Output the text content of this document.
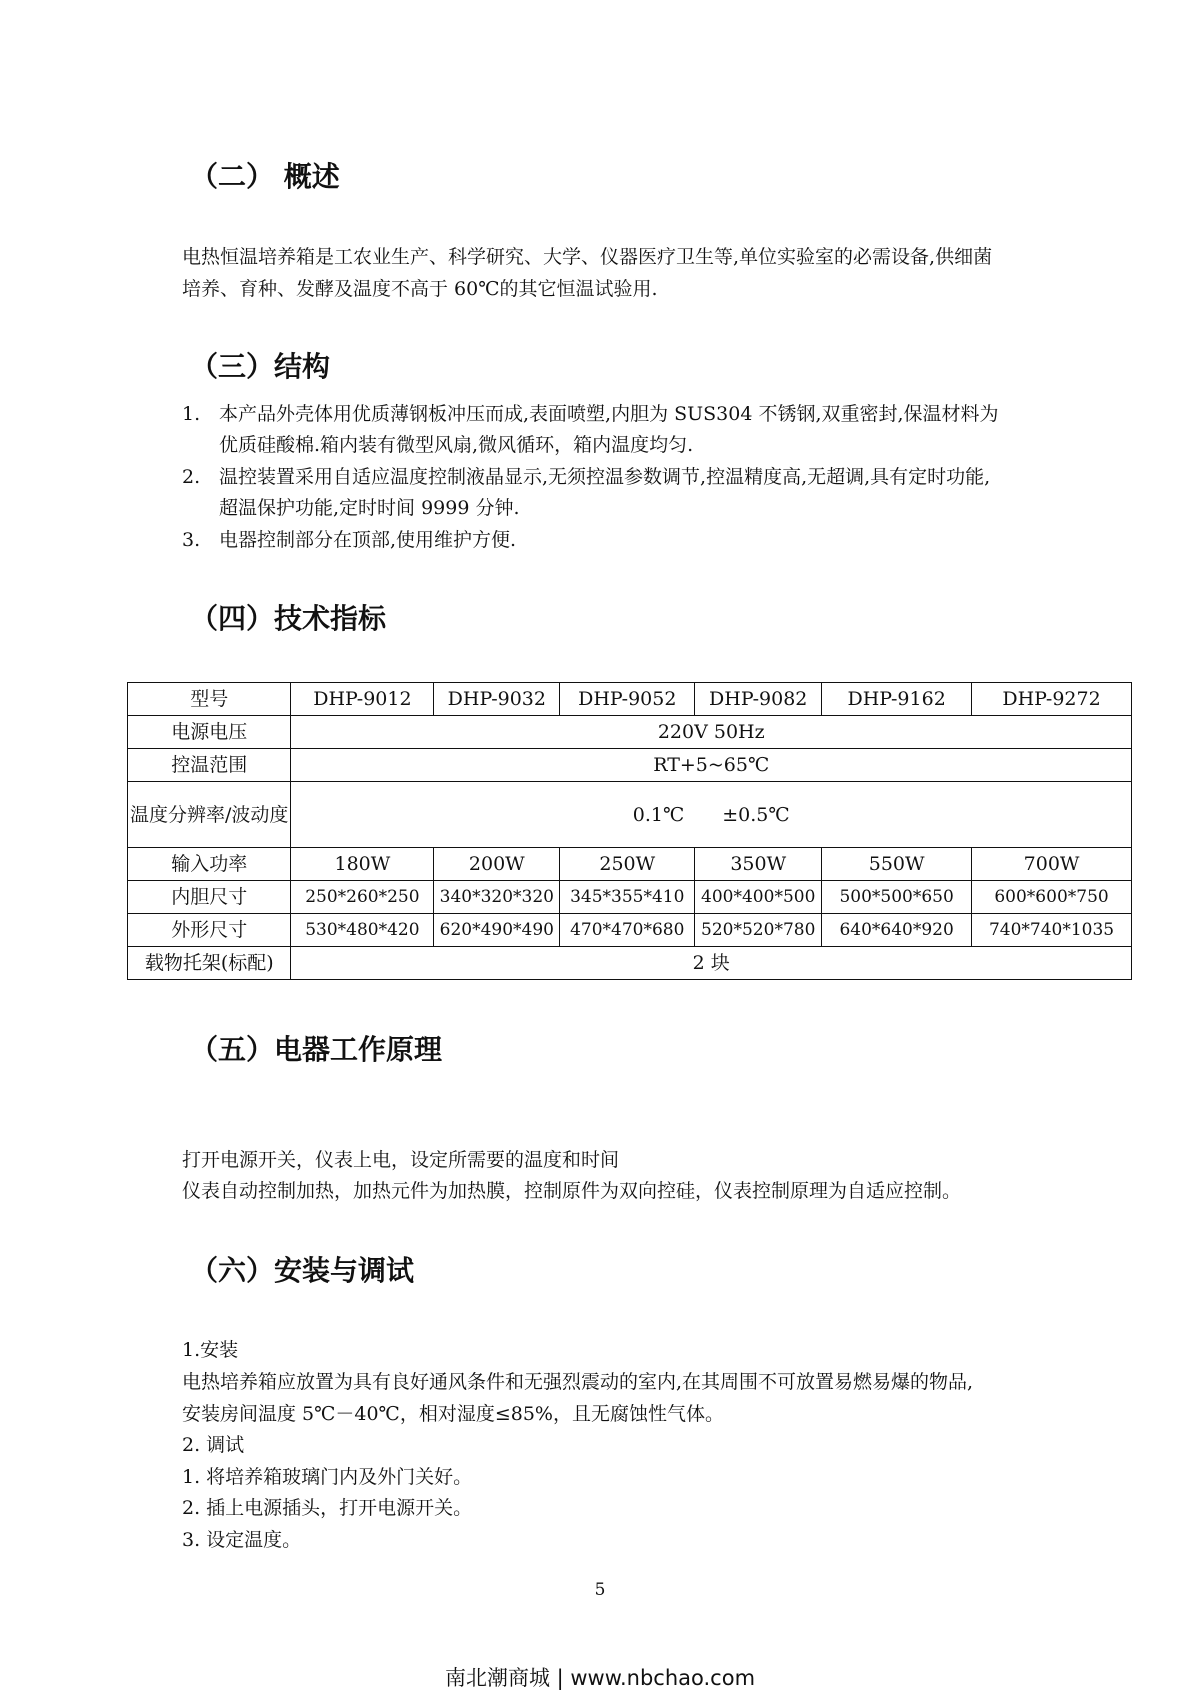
（二） 概述
电热恒温培养箱是工农业生产、科学研究、大学、仪器医疗卫生等,单位实验室的必需设备,供细菌
培养、育种、发酵及温度不高于 60℃的其它恒温试验用.
（三）结构
1. 本产品外壳体用优质薄钢板冲压而成,表面喷塑,内胆为 SUS304 不锈钢,双重密封,保温材料为
优质硅酸棉.箱内装有微型风扇,微风循环，箱内温度均匀.
2. 温控装置采用自适应温度控制液晶显示,无须控温参数调节,控温精度高,无超调,具有定时功能,
超温保护功能,定时时间 9999 分钟.
3. 电器控制部分在顶部,使用维护方便.
（四）技术指标
型号	DHP-9012	DHP-9032	DHP-9052	DHP-9082	DHP-9162	DHP-9272
电源电压	220V 50Hz					
控温范围	RT+5~65℃					
温度分辨率/波动度	0.1℃　　±0.5℃					
输入功率	180W	200W	250W	350W	550W	700W
内胆尺寸	250*260*250	340*320*320	345*355*410	400*400*500	500*500*650	600*600*750
外形尺寸	530*480*420	620*490*490	470*470*680	520*520*780	640*640*920	740*740*1035
载物托架(标配)	2 块					
（五）电器工作原理
打开电源开关，仪表上电，设定所需要的温度和时间
仪表自动控制加热，加热元件为加热膜，控制原件为双向控硅，仪表控制原理为自适应控制。
（六）安装与调试
1.安装
电热培养箱应放置为具有良好通风条件和无强烈震动的室内,在其周围不可放置易燃易爆的物品,
安装房间温度 5℃－40℃，相对湿度≤85%，且无腐蚀性气体。
2. 调试
1. 将培养箱玻璃门内及外门关好。
2. 插上电源插头，打开电源开关。
3. 设定温度。
5
南北潮商城 | www.nbchao.com
